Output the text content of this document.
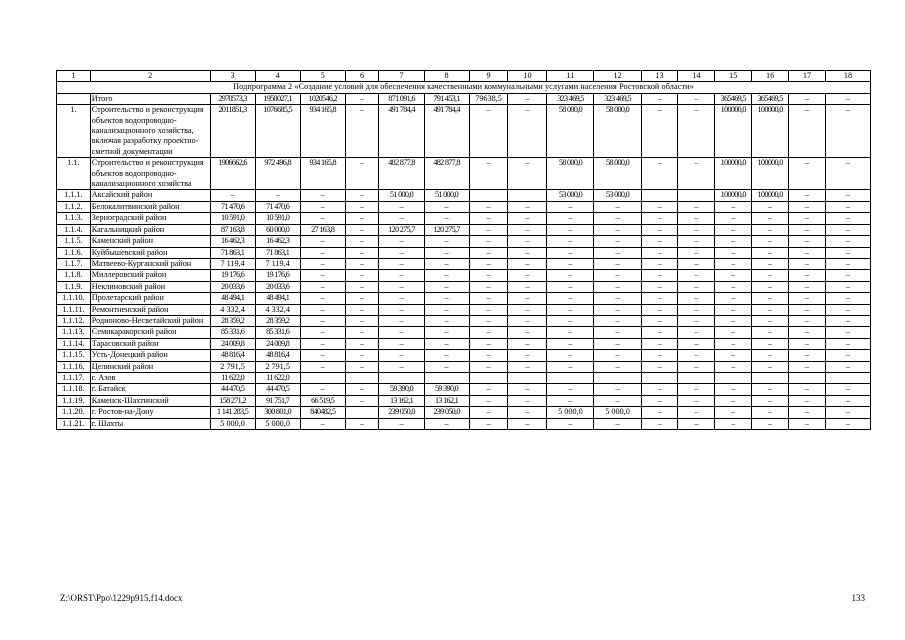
1	2	3	4	5	6	7	8	9	10	11	12	13	14	15	16	17	18
Подпрограмма 2 «Создание условий для обеспечения качественными коммунальными услугами населения Ростовской области»																	
	Итого	2970573,3	1950027,1	1020546,2	–	871 091,6	791 453,1	79638,5	–	323 469,5	323 469,5	–	–	365469,5	365469,5	–	–
1.	Строительство и реконструкция объектов водопроводно-канализационного хозяйства, включая разработку проектно-сметной документации	2011851,3	1076685,5	934 165,8	–	491 784,4	491 784,4	–	–	58 000,0	58 000,0	–	–	100000,0	100000,0	–	–
1.1.	Строительство и реконструкция объектов водопроводно-канализационного хозяйства	1906662,6	972 496,8	934 165,8	–	482 877,8	482 877,8	–	–	58 000,0	58 000,0	–	–	100000,0	100000,0	–	–
1.1.1.	Аксайский район	–	–	–	–	51 000,0	51 000,0			53 000,0	53 000,0			100000,0	100000,0	–	–
1.1.2.	Белокалитвинский район	71 470,6	71 470,6	–	–	–	–	–	–	–	–	–	–	–	–	–	–
1.1.3.	Зерноградский район	10 591,0	10 591,0	–	–	–	–	–	–	–	–	–	–	–	–	–	–
1.1.4.	Кагальницкий район	87 163,8	60 000,0	27 163,8	–	120 275,7	120 275,7	–	–	–	–	–	–	–	–	–	–
1.1.5.	Каменский район	16 462,3	16 462,3	–	–	–	–	–	–	–	–	–	–	–	–	–	–
1.1.6.	Куйбышевский район	71 863,1	71 863,1	–	–	–	–	–	–	–	–	–	–	–	–	–	–
1.1.7.	Матвеево-Курганский район	7 119,4	7 119,4	–	–	–	–	–	–	–	–	–	–	–	–	–	–
1.1.8.	Миллеровский район	19 176,6	19 176,6	–	–	–	–	–	–	–	–	–	–	–	–	–	–
1.1.9.	Неклиновский район	20 033,6	20 033,6	–	–	–	–	–	–	–	–	–	–	–	–	–	–
1.1.10.	Пролетарский район	48 494,1	48 494,1	–	–	–	–	–	–	–	–	–	–	–	–	–	–
1.1.11.	Ремонтненский район	4 332,4	4 332,4	–	–	–	–	–	–	–	–	–	–	–	–	–	–
1.1.12.	Родионово-Несветайский район	28 359,2	28 359,2	–	–	–	–	–	–	–	–	–	–	–	–	–	–
1.1.13.	Семикаракорский район	85 331,6	85 331,6	–	–	–	–	–	–	–	–	–	–	–	–	–	–
1.1.14.	Тарасовский район	24 009,8	24 009,8	–	–	–	–	–	–	–	–	–	–	–	–	–	–
1.1.15.	Усть-Донецкий район	48 816,4	48 816,4	–	–	–	–	–	–	–	–	–	–	–	–	–	–
1.1.16.	Целинский район	2 791,5	2 791,5	–	–	–	–	–	–	–	–	–	–	–	–	–	–
1.1.17.	г. Азов	11 622,0	11 622,0														
1.1.18.	г. Батайск	44 470,5	44 470,5	–	–	59 390,0	59 390,0	–	–	–	–	–	–	–	–	–	–
1.1.19.	Каменск-Шахтинский	158 271,2	91 751,7	66 519,5	–	13 162,1	13 162,1	–	–	–	–	–	–	–	–	–	–
1.1.20.	г. Ростов-на-Дону	1 141 283,5	300 801,0	840482,5		239 050,0	239 050,0	–	–	5 000,0	5 000,0	–	–	–	–	–	–
1.1.21.	г. Шахты	5 000,0	5 000,0	–	–	–	–	–	–	–	–	–	–	–	–	–	–
Z:\ORST\Ppo\1229p915.f14.docx	133
